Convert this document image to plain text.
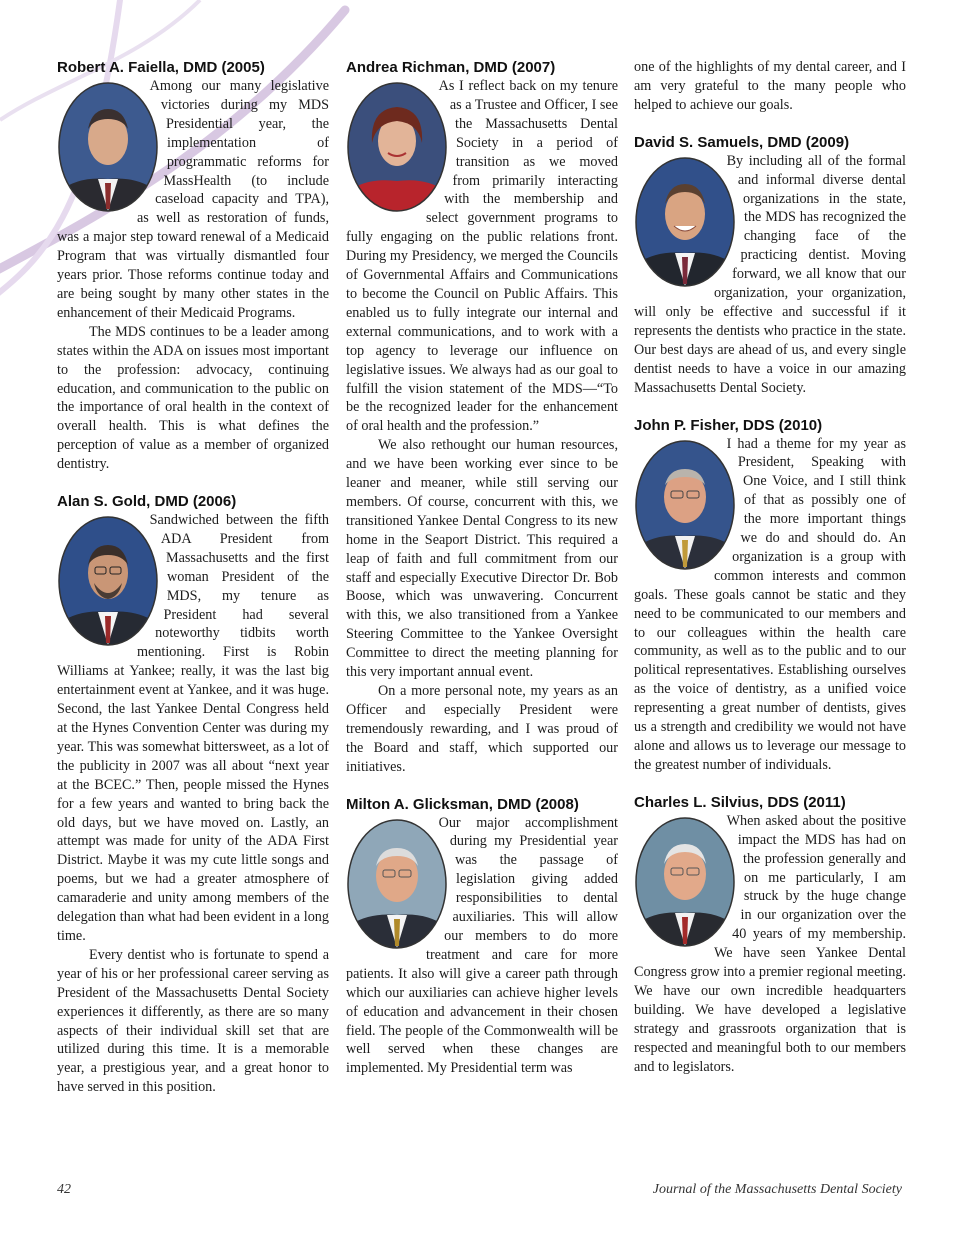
Robert A. Faiella, DMD (2005)

Among our many legislative victories during my MDS Presidential year, the implementation of programmatic reforms for MassHealth (to include caseload capacity and TPA), as well as restoration of funds, was a major step toward renewal of a Medicaid Program that was virtually dismantled four years prior. Those reforms continue today and are being sought by many other states in the enhancement of their Medicaid Programs.

The MDS continues to be a leader among states within the ADA on issues most important to the profession: advocacy, continuing education, and communication to the public on the importance of oral health in the context of overall health. This is what defines the perception of value as a member of organized dentistry.

Alan S. Gold, DMD (2006)

Sandwiched between the fifth ADA President from Massachusetts and the first woman President of the MDS, my tenure as President had several noteworthy tidbits worth mentioning. First is Robin Williams at Yankee; really, it was the last big entertainment event at Yankee, and it was huge. Second, the last Yankee Dental Congress held at the Hynes Convention Center was during my year. This was somewhat bittersweet, as a lot of the publicity in 2007 was all about “next year at the BCEC.” Then, people missed the Hynes for a few years and wanted to bring back the old days, but we have moved on. Lastly, an attempt was made for unity of the ADA First District. Maybe it was my cute little songs and poems, but we had a greater atmosphere of camaraderie and unity among members of the delegation than what had been evident in a long time.

Every dentist who is fortunate to spend a year of his or her professional career serving as President of the Massachusetts Dental Society experiences it differently, as there are so many aspects of their individual skill set that are utilized during this time. It is a memorable year, a prestigious year, and a great honor to have served in this position.

Andrea Richman, DMD (2007)

As I reflect back on my tenure as a Trustee and Officer, I see the Massachusetts Dental Society in a period of transition as we moved from primarily interacting with the membership and select government programs to fully engaging on the public relations front. During my Presidency, we merged the Councils of Governmental Affairs and Communications to become the Council on Public Affairs. This enabled us to fully integrate our internal and external communications, and to work with a top agency to leverage our influence on legislative issues. We always had as our goal to fulfill the vision statement of the MDS—“To be the recognized leader for the enhancement of oral health and the profession.”

We also rethought our human resources, and we have been working ever since to be leaner and meaner, while still serving our members. Of course, concurrent with this, we transitioned Yankee Dental Congress to its new home in the Seaport District. This required a leap of faith and full commitment from our staff and especially Executive Director Dr. Bob Boose, which was unwavering. Concurrent with this, we also transitioned from a Yankee Steering Committee to the Yankee Oversight Committee to direct the meeting planning for this very important annual event.

On a more personal note, my years as an Officer and especially President were tremendously rewarding, and I was proud of the Board and staff, which supported our initiatives.

Milton A. Glicksman, DMD (2008)

Our major accomplishment during my Presidential year was the passage of legislation giving added responsibilities to dental auxiliaries. This will allow our members to do more treatment and care for more patients. It also will give a career path through which our auxiliaries can achieve higher levels of education and advancement in their chosen field. The people of the Commonwealth will be well served when these changes are implemented. My Presidential term was

one of the highlights of my dental career, and I am very grateful to the many people who helped to achieve our goals.

David S. Samuels, DMD (2009)

By including all of the formal and informal diverse dental organizations in the state, the MDS has recognized the changing face of the practicing dentist. Moving forward, we all know that our organization, your organization, will only be effective and successful if it represents the dentists who practice in the state. Our best days are ahead of us, and every single dentist needs to have a voice in our amazing Massachusetts Dental Society.

John P. Fisher, DDS (2010)

I had a theme for my year as President, Speaking with One Voice, and I still think of that as possibly one of the more important things we do and should do. An organization is a group with common interests and common goals. These goals cannot be static and they need to be communicated to our members and to our colleagues within the health care community, as well as to the public and to our political representatives. Establishing ourselves as the voice of dentistry, as a unified voice representing a great number of dentists, gives us a strength and credibility we would not have alone and allows us to leverage our message to the greatest number of individuals.

Charles L. Silvius, DDS (2011)

When asked about the positive impact the MDS has had on the profession generally and on me particularly, I am struck by the huge change in our organization over the 40 years of my membership. We have seen Yankee Dental Congress grow into a premier regional meeting. We have our own incredible headquarters building. We have developed a legislative strategy and grassroots organization that is respected and meaningful both to our members and to legislators.

42	Journal of the Massachusetts Dental Society
